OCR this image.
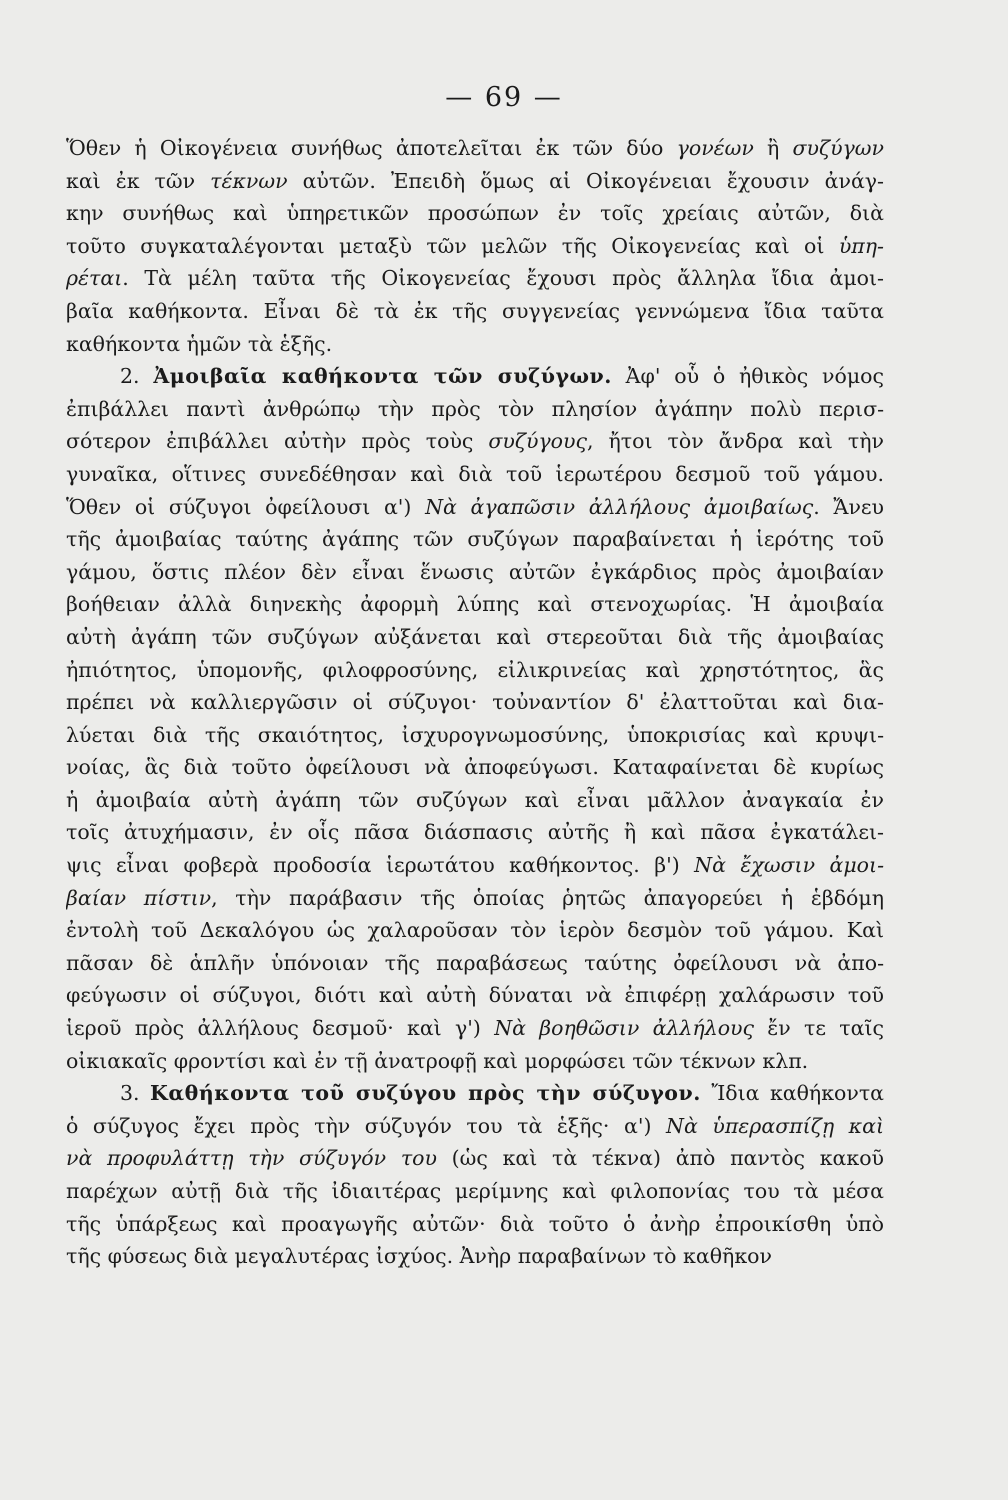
— 69 —
Ὅθεν ἡ Οἰκογένεια συνήθως ἀποτελεῖται ἐκ τῶν δύο γονέων ἢ συζύγων
καὶ ἐκ τῶν τέκνων αὐτῶν. Ἐπειδὴ ὅμως αἱ Οἰκογένειαι ἔχουσιν ἀνάγ-
κην συνήθως καὶ ὑπηρετικῶν προσώπων ἐν τοῖς χρείαις αὐτῶν, διὰ
τοῦτο συγκαταλέγονται μεταξὺ τῶν μελῶν τῆς Οἰκογενείας καὶ οἱ ὑπη-
ρέται. Τὰ μέλη ταῦτα τῆς Οἰκογενείας ἔχουσι πρὸς ἄλληλα ἴδια ἀμοι-
βαῖα καθήκοντα. Εἶναι δὲ τὰ ἐκ τῆς συγγενείας γεννώμενα ἴδια ταῦτα
καθήκοντα ἡμῶν τὰ ἑξῆς.
2. Ἀμοιβαῖα καθήκοντα τῶν συζύγων. Ἀφ' οὗ ὁ ἠθικὸς νόμος
ἐπιβάλλει παντὶ ἀνθρώπῳ τὴν πρὸς τὸν πλησίον ἀγάπην πολὺ περισ-
σότερον ἐπιβάλλει αὐτὴν πρὸς τοὺς συζύγους, ἤτοι τὸν ἄνδρα καὶ τὴν
γυναῖκα, οἵτινες συνεδέθησαν καὶ διὰ τοῦ ἱερωτέρου δεσμοῦ τοῦ γάμου.
Ὅθεν οἱ σύζυγοι ὀφείλουσι α') Νὰ ἀγαπῶσιν ἀλλήλους ἀμοιβαίως. Ἄνευ
τῆς ἀμοιβαίας ταύτης ἀγάπης τῶν συζύγων παραβαίνεται ἡ ἱερότης τοῦ
γάμου, ὅστις πλέον δὲν εἶναι ἕνωσις αὐτῶν ἐγκάρδιος πρὸς ἀμοιβαίαν
βοήθειαν ἀλλὰ διηνεκὴς ἀφορμὴ λύπης καὶ στενοχωρίας. Ἡ ἀμοιβαία
αὐτὴ ἀγάπη τῶν συζύγων αὐξάνεται καὶ στερεοῦται διὰ τῆς ἀμοιβαίας
ἠπιότητος, ὑπομονῆς, φιλοφροσύνης, εἰλικρινείας καὶ χρηστότητος, ἃς
πρέπει νὰ καλλιεργῶσιν οἱ σύζυγοι· τοὐναντίον δ' ἐλαττοῦται καὶ δια-
λύεται διὰ τῆς σκαιότητος, ἰσχυρογνωμοσύνης, ὑποκρισίας καὶ κρυψι-
νοίας, ἃς διὰ τοῦτο ὀφείλουσι νὰ ἀποφεύγωσι. Καταφαίνεται δὲ κυρίως
ἡ ἀμοιβαία αὐτὴ ἀγάπη τῶν συζύγων καὶ εἶναι μᾶλλον ἀναγκαία ἐν
τοῖς ἀτυχήμασιν, ἐν οἷς πᾶσα διάσπασις αὐτῆς ἢ καὶ πᾶσα ἐγκατάλει-
ψις εἶναι φοβερὰ προδοσία ἱερωτάτου καθήκοντος. β') Νὰ ἔχωσιν ἀμοι-
βαίαν πίστιν, τὴν παράβασιν τῆς ὁποίας ῥητῶς ἀπαγορεύει ἡ ἑβδόμη
ἐντολὴ τοῦ Δεκαλόγου ὡς χαλαροῦσαν τὸν ἱερὸν δεσμὸν τοῦ γάμου. Καὶ
πᾶσαν δὲ ἁπλῆν ὑπόνοιαν τῆς παραβάσεως ταύτης ὀφείλουσι νὰ ἀπο-
φεύγωσιν οἱ σύζυγοι, διότι καὶ αὐτὴ δύναται νὰ ἐπιφέρῃ χαλάρωσιν τοῦ
ἱεροῦ πρὸς ἀλλήλους δεσμοῦ· καὶ γ') Νὰ βοηθῶσιν ἀλλήλους ἔν τε ταῖς
οἰκιακαῖς φροντίσι καὶ ἐν τῇ ἀνατροφῇ καὶ μορφώσει τῶν τέκνων κλπ.
3. Καθήκοντα τοῦ συζύγου πρὸς τὴν σύζυγον. Ἴδια καθήκοντα
ὁ σύζυγος ἔχει πρὸς τὴν σύζυγόν του τὰ ἑξῆς· α') Νὰ ὑπερασπίζῃ καὶ
νὰ προφυλάττῃ τὴν σύζυγόν του (ὡς καὶ τὰ τέκνα) ἀπὸ παντὸς κακοῦ
παρέχων αὐτῇ διὰ τῆς ἰδιαιτέρας μερίμνης καὶ φιλοπονίας του τὰ μέσα
τῆς ὑπάρξεως καὶ προαγωγῆς αὐτῶν· διὰ τοῦτο ὁ ἀνὴρ ἐπροικίσθη ὑπὸ
τῆς φύσεως διὰ μεγαλυτέρας ἰσχύος. Ἀνὴρ παραβαίνων τὸ καθῆκον
